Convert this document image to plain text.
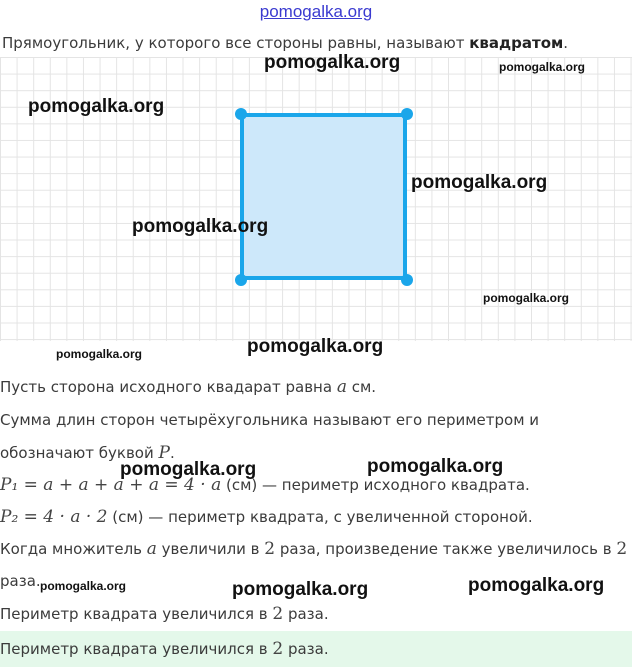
pomogalka.org
Прямоугольник, у которого все стороны равны, называют квадратом.
Пусть сторона исходного квадарат равна a см.
Сумма длин сторон четырёхугольника называют его периметром и
обозначают буквой P.
P₁ = a + a + a + a = 4 · a (см) — периметр исходного квадрата.
P₂ = 4 · a · 2 (см) — периметр квадрата, с увеличенной стороной.
Когда множитель a увеличили в 2 раза, произведение также увеличилось в 2
раза.
Периметр квадрата увеличился в 2 раза.
Периметр квадрата увеличился в 2 раза.
pomogalka.org	pomogalka.org
pomogalka.org
pomogalka.org
pomogalka.org
pomogalka.org
pomogalka.org
pomogalka.org
pomogalka.org	pomogalka.org
pomogalka.org	pomogalka.org	pomogalka.org
